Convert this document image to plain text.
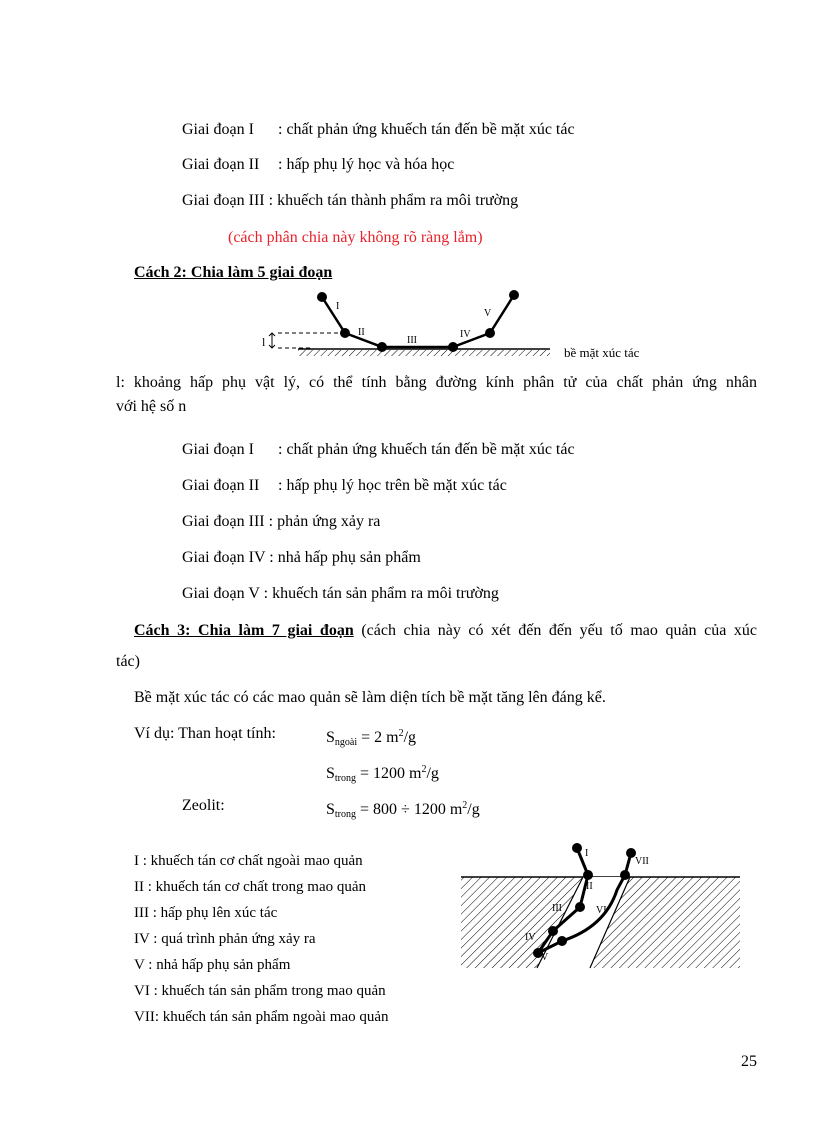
Giai đoạn I: chất phản ứng khuếch tán đến bề mặt xúc tác
Giai đoạn II: hấp phụ lý học và hóa học
Giai đoạn III : khuếch tán thành phẩm ra môi trường
(cách phân chia này không rõ ràng lắm)
Cách 2: Chia làm 5 giai đoạn
l
I
II
III
IV
V
bề mặt xúc tác
l: khoảng hấp phụ vật lý, có thể tính bằng đường kính phân tử của chất phản ứng nhân
với hệ số n
Giai đoạn I: chất phản ứng khuếch tán đến bề mặt xúc tác
Giai đoạn II: hấp phụ lý học trên bề mặt xúc tác
Giai đoạn III : phản ứng xảy ra
Giai đoạn IV : nhả hấp phụ sản phẩm
Giai đoạn V : khuếch tán sản phẩm ra môi trường
Cách 3: Chia làm 7 giai đoạn (cách chia này có xét đến đến yếu tố mao quản của xúc
tác)
Bề mặt xúc tác có các mao quản sẽ làm diện tích bề mặt tăng lên đáng kể.
Ví dụ: Than hoạt tính:	$S_{ngoài} = 2$ $m^2/g$
$S_{trong} = 1200$ $m^2/g$
Zeolit:	$S_{trong} = 800 \div 1200$ $m^2/g$
I : khuếch tán cơ chất ngoài mao quản
II : khuếch tán cơ chất trong mao quản
III : hấp phụ lên xúc tác
IV : quá trình phản ứng xảy ra
V : nhả hấp phụ sản phẩm
VI : khuếch tán sản phẩm trong mao quản
VII: khuếch tán sản phẩm ngoài mao quản
I
II
III
IV
V
VI
VII
25
